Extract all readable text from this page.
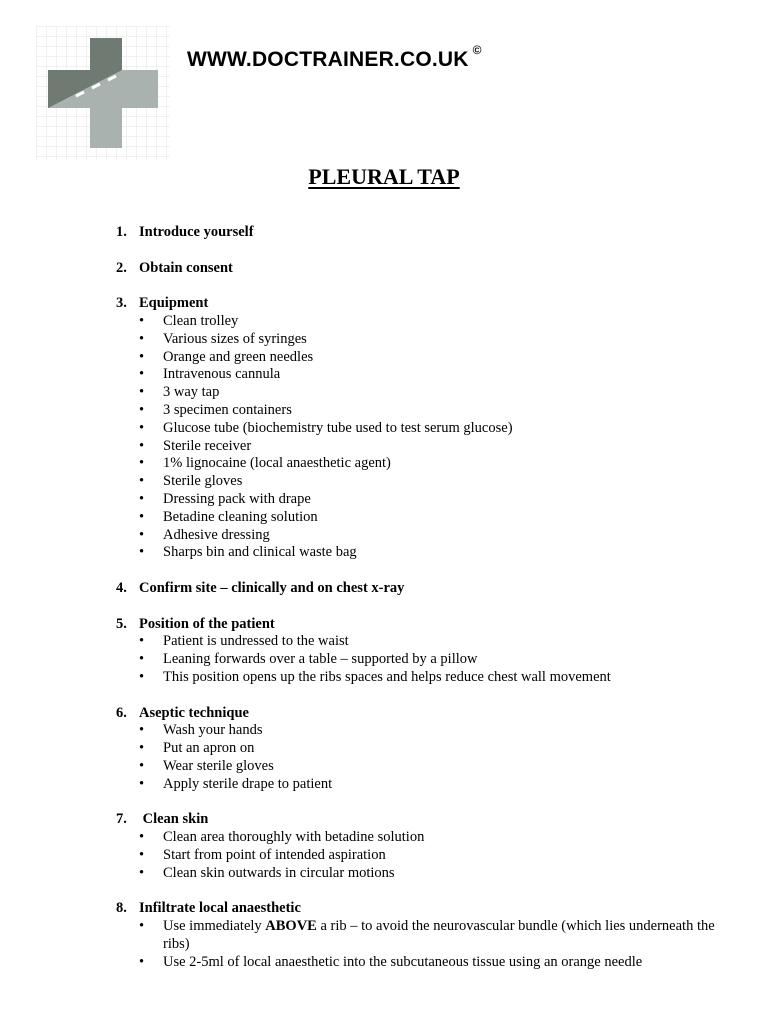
WWW.DOCTRAINER.CO.UK ©
PLEURAL TAP
1. Introduce yourself
2. Obtain consent
3. Equipment
•	Clean trolley
•	Various sizes of syringes
•	Orange and green needles
•	Intravenous cannula
•	3 way tap
•	3 specimen containers
•	Glucose tube (biochemistry tube used to test serum glucose)
•	Sterile receiver
•	1% lignocaine (local anaesthetic agent)
•	Sterile gloves
•	Dressing pack with drape
•	Betadine cleaning solution
•	Adhesive dressing
•	Sharps bin and clinical waste bag
4. Confirm site – clinically and on chest x-ray
5. Position of the patient
•	Patient is undressed to the waist
•	Leaning forwards over a table – supported by a pillow
•	This position opens up the ribs spaces and helps reduce chest wall movement
6. Aseptic technique
•	Wash your hands
•	Put an apron on
•	Wear sterile gloves
•	Apply sterile drape to patient
7. Clean skin
•	Clean area thoroughly with betadine solution
•	Start from point of intended aspiration
•	Clean skin outwards in circular motions
8. Infiltrate local anaesthetic
•	Use immediately ABOVE a rib – to avoid the neurovascular bundle (which lies underneath the ribs)
•	Use 2-5ml of local anaesthetic into the subcutaneous tissue using an orange needle
